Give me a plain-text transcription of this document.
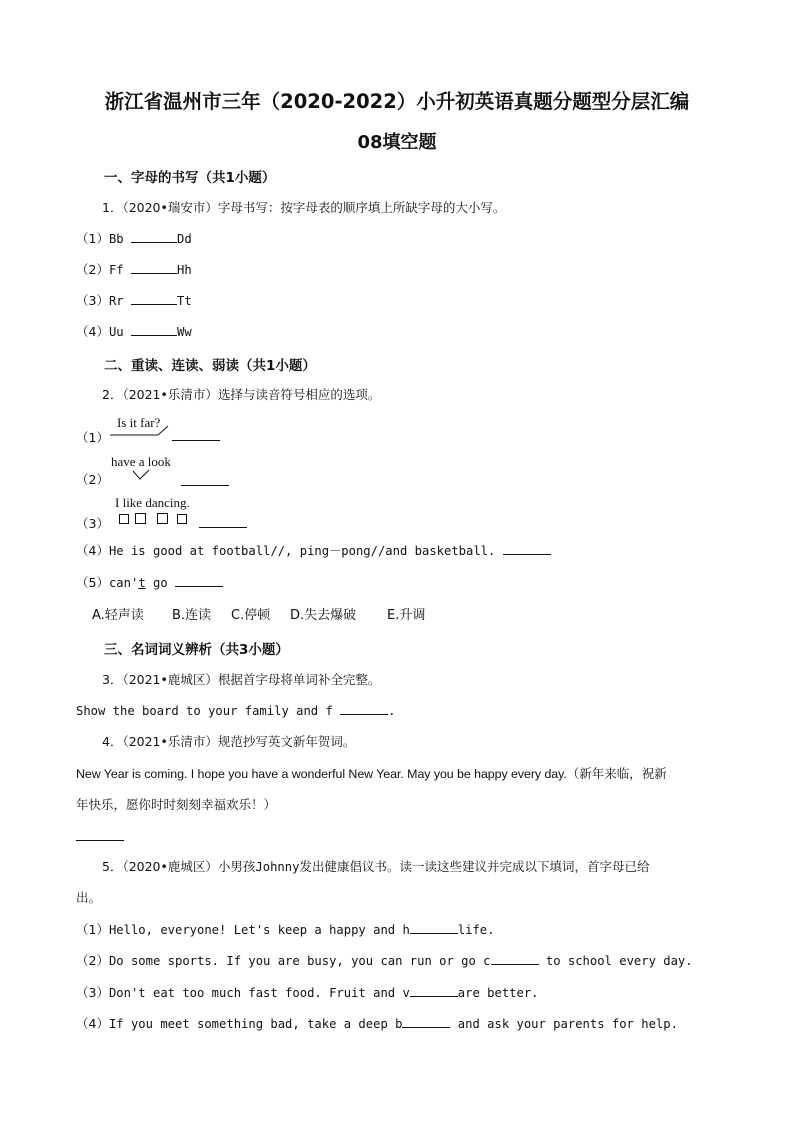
浙江省温州市三年（2020-2022）小升初英语真题分题型分层汇编
08填空题
一、字母的书写（共1小题）
1．（2020•瑞安市）字母书写：按字母表的顺序填上所缺字母的大小写。
（1）Bb	Dd
（2）Ff	Hh
（3）Rr	Tt
（4）Uu	Ww
二、重读、连读、弱读（共1小题）
2．（2021•乐清市）选择与读音符号相应的选项。
（1）
Is it far?
have a look
（2）
I like dancing.
（3）
（4）He is good at football//, ping－pong//and basketball.
（5）can't go
A.轻声读 B.连读 C.停顿 D.失去爆破 E.升调
三、名词词义辨析（共3小题）
3．（2021•鹿城区）根据首字母将单词补全完整。
Show the board to your family and f	.
4．（2021•乐清市）规范抄写英文新年贺词。
New Year is coming. I hope you have a wonderful New Year. May you be happy every day.（新年来临，祝新
年快乐，愿你时时刻刻幸福欢乐！）
5．（2020•鹿城区）小男孩Johnny发出健康倡议书。读一读这些建议并完成以下填词，首字母已给
出。
（1）Hello, everyone! Let's keep a happy and h	life.
（2）Do some sports. If you are busy, you can run or go c	to school every day.
（3）Don't eat too much fast food. Fruit and v	are better.
（4）If you meet something bad, take a deep b	and ask your parents for help.
